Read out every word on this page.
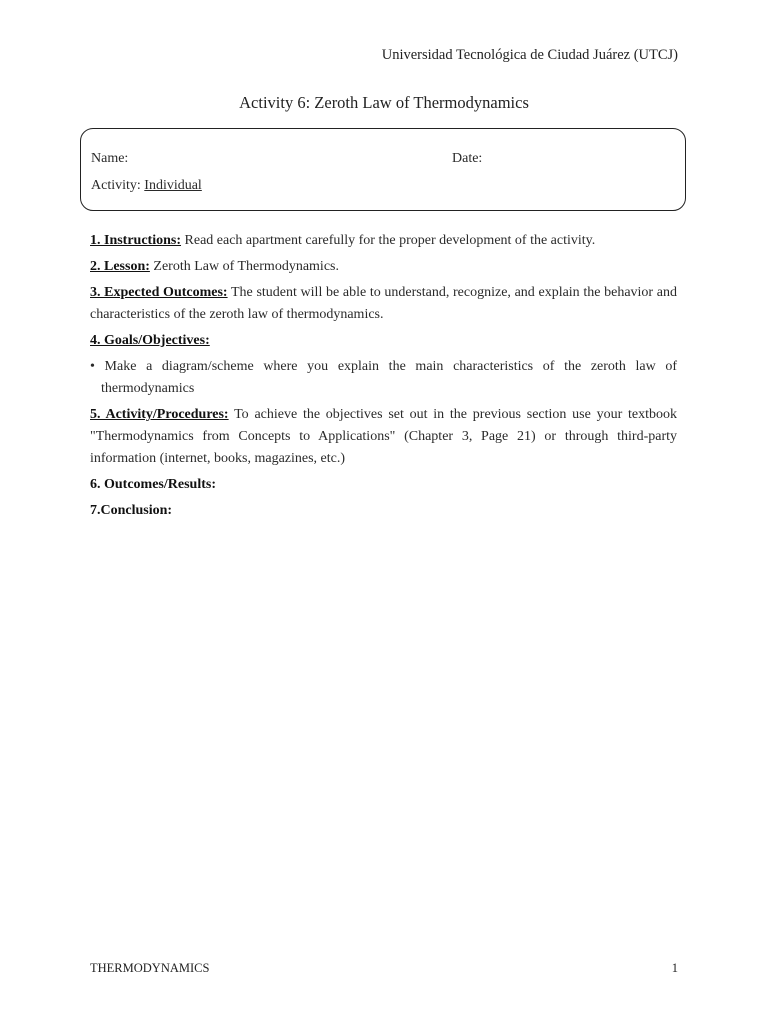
Universidad Tecnológica de Ciudad Juárez (UTCJ)
Activity 6: Zeroth Law of Thermodynamics
Name:	Date:
Activity: Individual

1. Instructions: Read each apartment carefully for the proper development of the activity.

2. Lesson: Zeroth Law of Thermodynamics.

3. Expected Outcomes: The student will be able to understand, recognize, and explain the behavior and characteristics of the zeroth law of thermodynamics.

4. Goals/Objectives:

• Make a diagram/scheme where you explain the main characteristics of the zeroth law of thermodynamics

5. Activity/Procedures: To achieve the objectives set out in the previous section use your textbook "Thermodynamics from Concepts to Applications" (Chapter 3, Page 21) or through third-party information (internet, books, magazines, etc.)

6. Outcomes/Results:

7.Conclusion:

THERMODYNAMICS	1
